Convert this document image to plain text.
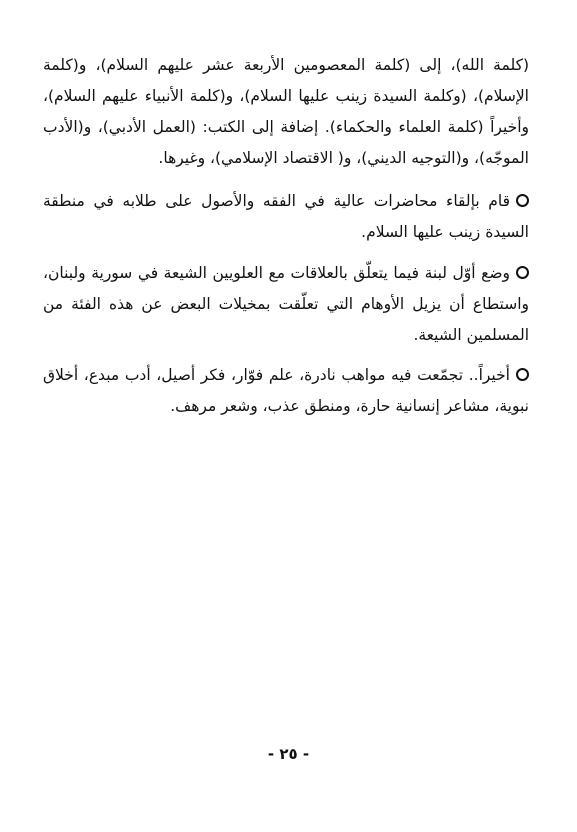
(كلمة الله)، إلى (كلمة المعصومين الأربعة عشر عليهم السلام)، و(كلمة الإسلام)، (وكلمة السيدة زينب عليها السلام)، و(كلمة الأنبياء عليهم السلام)، وأخيراً (كلمة العلماء والحكماء). إضافة إلى الكتب: (العمل الأدبي)، و(الأدب الموجّه)، و(التوجيه الديني)، و( الاقتصاد الإسلامي)، وغيرها.

قام بإلقاء محاضرات عالية في الفقه والأصول على طلابه في منطقة السيدة زينب عليها السلام.

وضع أوّل لبنة فيما يتعلّق بالعلاقات مع العلويين الشيعة في سورية ولبنان، واستطاع أن يزيل الأوهام التي تعلّقت بمخيلات البعض عن هذه الفئة من المسلمين الشيعة.

أخيراً.. تجمّعت فيه مواهب نادرة، علم فوّار، فكر أصيل، أدب مبدع، أخلاق نبوية، مشاعر إنسانية حارة، ومنطق عذب، وشعر مرهف.

- ٢٥ -
